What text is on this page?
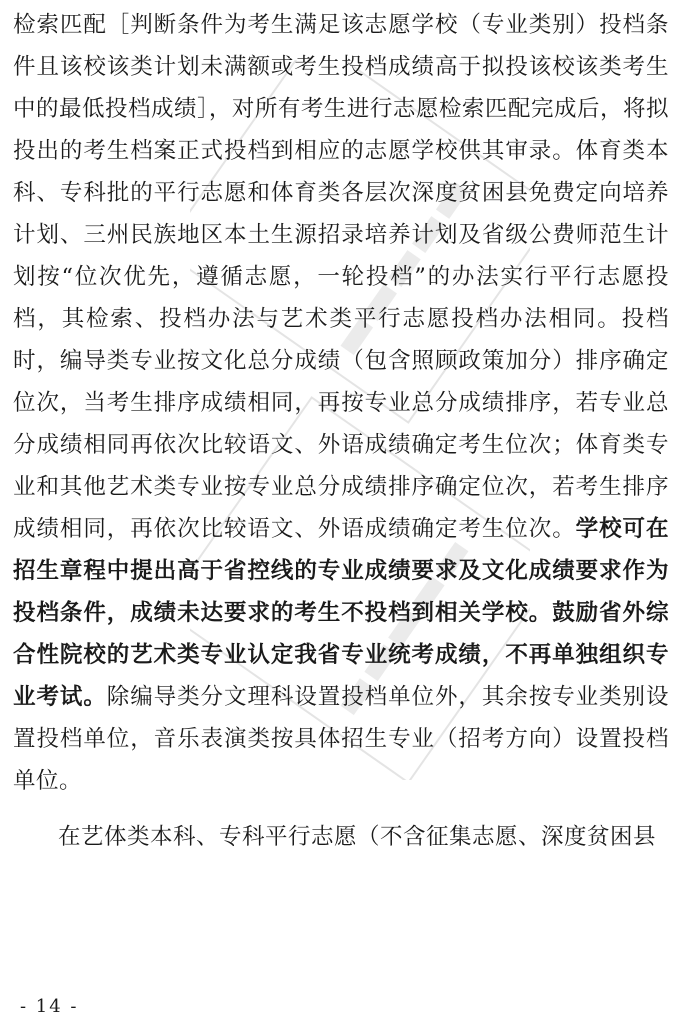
▬▬▬▬▬
▬▬▬▬▬

检索匹配［判断条件为考生满足该志愿学校（专业类别）投档条件且该校该类计划未满额或考生投档成绩高于拟投该校该类考生中的最低投档成绩］，对所有考生进行志愿检索匹配完成后，将拟投出的考生档案正式投档到相应的志愿学校供其审录。体育类本科、专科批的平行志愿和体育类各层次深度贫困县免费定向培养计划、三州民族地区本土生源招录培养计划及省级公费师范生计划按“位次优先，遵循志愿，一轮投档”的办法实行平行志愿投档，其检索、投档办法与艺术类平行志愿投档办法相同。投档时，编导类专业按文化总分成绩（包含照顾政策加分）排序确定位次，当考生排序成绩相同，再按专业总分成绩排序，若专业总分成绩相同再依次比较语文、外语成绩确定考生位次；体育类专业和其他艺术类专业按专业总分成绩排序确定位次，若考生排序成绩相同，再依次比较语文、外语成绩确定考生位次。学校可在招生章程中提出高于省控线的专业成绩要求及文化成绩要求作为投档条件，成绩未达要求的考生不投档到相关学校。鼓励省外综合性院校的艺术类专业认定我省专业统考成绩，不再单独组织专业考试。除编导类分文理科设置投档单位外，其余按专业类别设置投档单位，音乐表演类按具体招生专业（招考方向）设置投档单位。

在艺体类本科、专科平行志愿（不含征集志愿、深度贫困县

- 14 -
